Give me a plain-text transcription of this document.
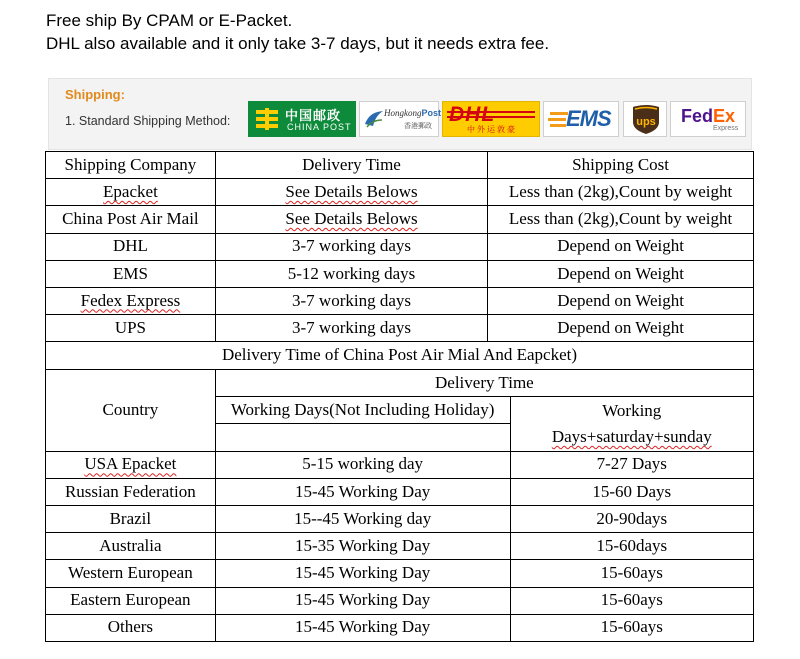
Free ship By CPAM or E-Packet.
DHL also available and it only take 3-7 days, but it needs extra fee.
Shipping:
1. Standard Shipping Method:	中国邮政
CHINA POST
HongkongPost
香港郵政 DHL
中外运敦豪 EMS ups FedEx
Express
Shipping Company	Delivery Time	Shipping Cost
Epacket	See Details Belows	Less than (2kg),Count by weight
China Post Air Mail	See Details Belows	Less than (2kg),Count by weight
DHL	3-7 working days	Depend on Weight
EMS	5-12 working days	Depend on Weight
Fedex Express	3-7 working days	Depend on Weight
UPS	3-7 working days	Depend on Weight
Delivery Time of China Post Air Mial And Eapcket)		
Country	Delivery Time	
	Working Days(Not Including Holiday)	Working
Days+saturday+sunday

USA Epacket	5-15 working day	7-27 Days
Russian Federation	15-45 Working Day	15-60 Days
Brazil	15--45 Working day	20-90days
Australia	15-35 Working Day	15-60days
Western European	15-45 Working Day	15-60ays
Eastern European	15-45 Working Day	15-60ays
Others	15-45 Working Day	15-60ays
